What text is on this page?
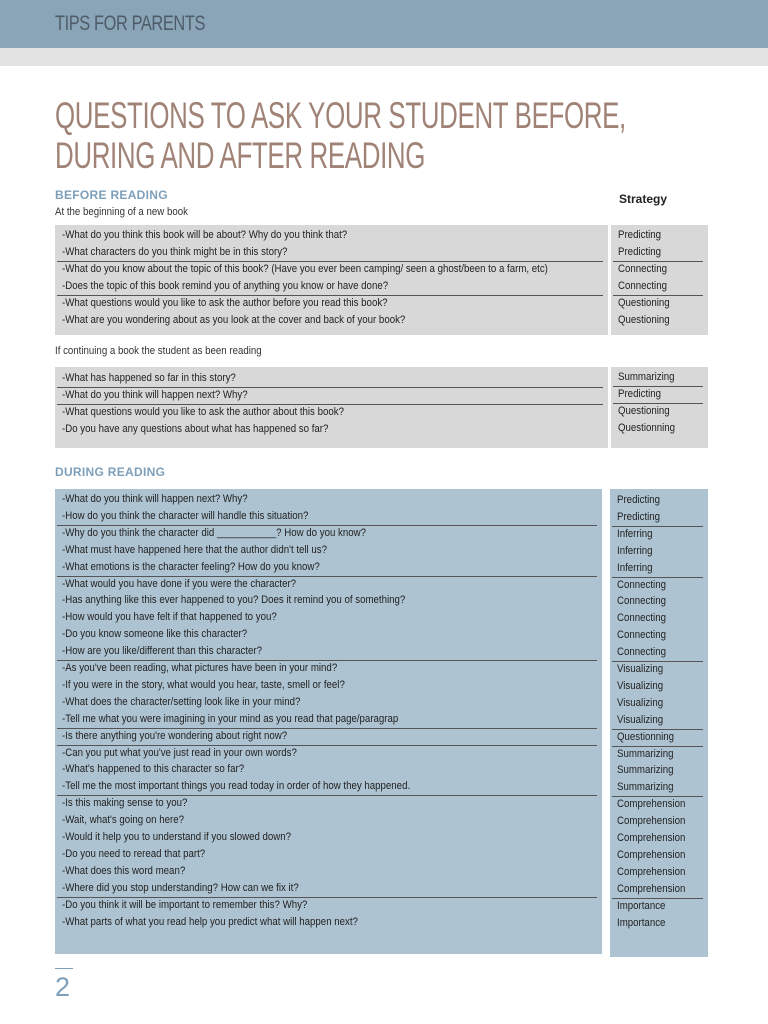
TIPS FOR PARENTS
QUESTIONS TO ASK YOUR STUDENT BEFORE, DURING AND AFTER READING
BEFORE READING
At the beginning of a new book
Strategy
-What do you think this book will be about? Why do you think that?
-What characters do you think might be in this story?
-What do you know about the topic of this book? (Have you ever been camping/ seen a ghost/been to a farm, etc)
-Does the topic of this book remind you of anything you know or have done?
-What questions would you like to ask the author before you read this book?
-What are you wondering about as you look at the cover and back of your book?
Predicting
Predicting
Connecting
Connecting
Questioning
Questioning
If continuing a book the student as been reading
-What has happened so far in this story?
-What do you think will happen next? Why?
-What questions would you like to ask the author about this book?
-Do you have any questions about what has happened so far?
Summarizing
Predicting
Questioning
Questionning
DURING READING
-What do you think will happen next? Why?
-How do you think the character will handle this situation?
-Why do you think the character did ___________? How do you know?
-What must have happened here that the author didn't tell us?
-What emotions is the character feeling? How do you know?
-What would you have done if you were the character?
-Has anything like this ever happened to you? Does it remind you of something?
-How would you have felt if that happened to you?
-Do you know someone like this character?
-How are you like/different than this character?
-As you've been reading, what pictures have been in your mind?
-If you were in the story, what would you hear, taste, smell or feel?
-What does the character/setting look like in your mind?
-Tell me what you were imagining in your mind as you read that page/paragrap
-Is there anything you're wondering about right now?
-Can you put what you've just read in your own words?
-What's happened to this character so far?
-Tell me the most important things you read today in order of how they happened.
-Is this making sense to you?
-Wait, what's going on here?
-Would it help you to understand if you slowed down?
-Do you need to reread that part?
-What does this word mean?
-Where did you stop understanding? How can we fix it?
-Do you think it will be important to remember this? Why?
-What parts of what you read help you predict what will happen next?
Predicting
Predicting
Inferring
Inferring
Inferring
Connecting
Connecting
Connecting
Connecting
Connecting
Visualizing
Visualizing
Visualizing
Visualizing
Questionning
Summarizing
Summarizing
Summarizing
Comprehension
Comprehension
Comprehension
Comprehension
Comprehension
Comprehension
Importance
Importance
2
